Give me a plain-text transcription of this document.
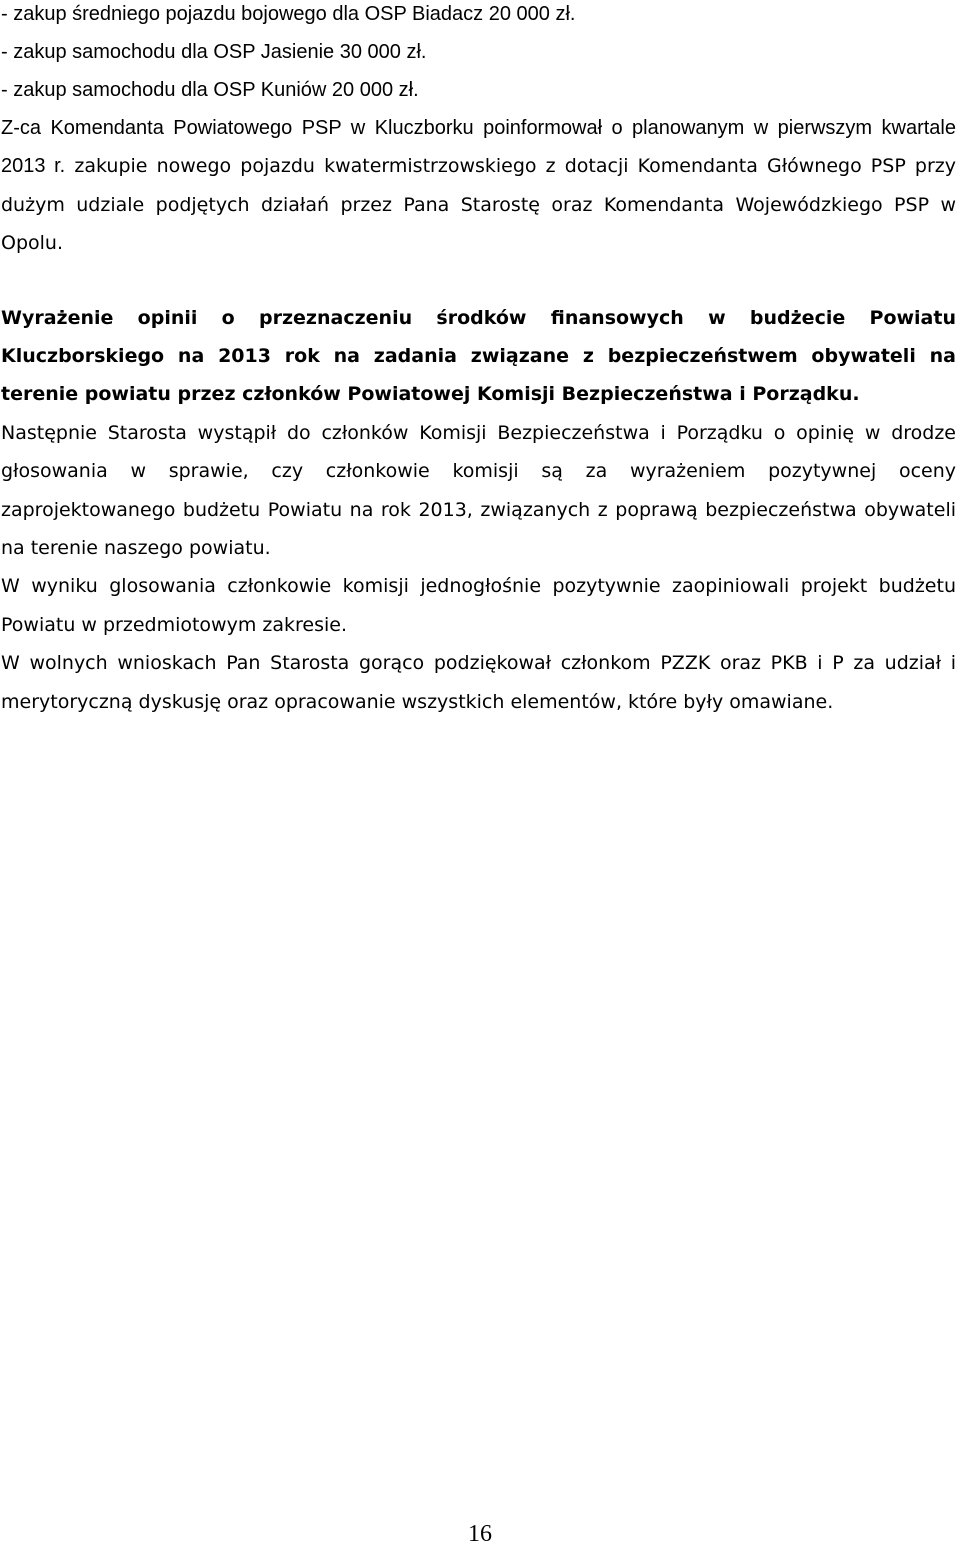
- zakup średniego pojazdu bojowego dla OSP Biadacz 20 000 zł.

- zakup samochodu dla OSP Jasienie 30 000 zł.

- zakup samochodu dla OSP Kuniów 20 000 zł.

Z-ca Komendanta Powiatowego PSP w Kluczborku poinformował o planowanym w pierwszym kwartale 2013 r. zakupie nowego pojazdu kwatermistrzowskiego z dotacji Komendanta Głównego PSP przy dużym udziale podjętych działań przez Pana Starostę oraz Komendanta Wojewódzkiego PSP w Opolu.

Wyrażenie opinii o przeznaczeniu środków finansowych w budżecie Powiatu Kluczborskiego na 2013 rok na zadania związane z bezpieczeństwem obywateli na terenie powiatu przez członków Powiatowej Komisji Bezpieczeństwa i Porządku.

Następnie Starosta wystąpił do członków Komisji Bezpieczeństwa i Porządku o opinię w drodze głosowania w sprawie, czy członkowie komisji są za wyrażeniem pozytywnej oceny zaprojektowanego budżetu Powiatu na rok 2013, związanych z poprawą bezpieczeństwa obywateli na terenie naszego powiatu.

W wyniku glosowania członkowie komisji jednogłośnie pozytywnie zaopiniowali projekt budżetu Powiatu w przedmiotowym zakresie.

W wolnych wnioskach Pan Starosta gorąco podziękował członkom PZZK oraz PKB i P za udział i merytoryczną dyskusję oraz opracowanie wszystkich elementów, które były omawiane.

16
